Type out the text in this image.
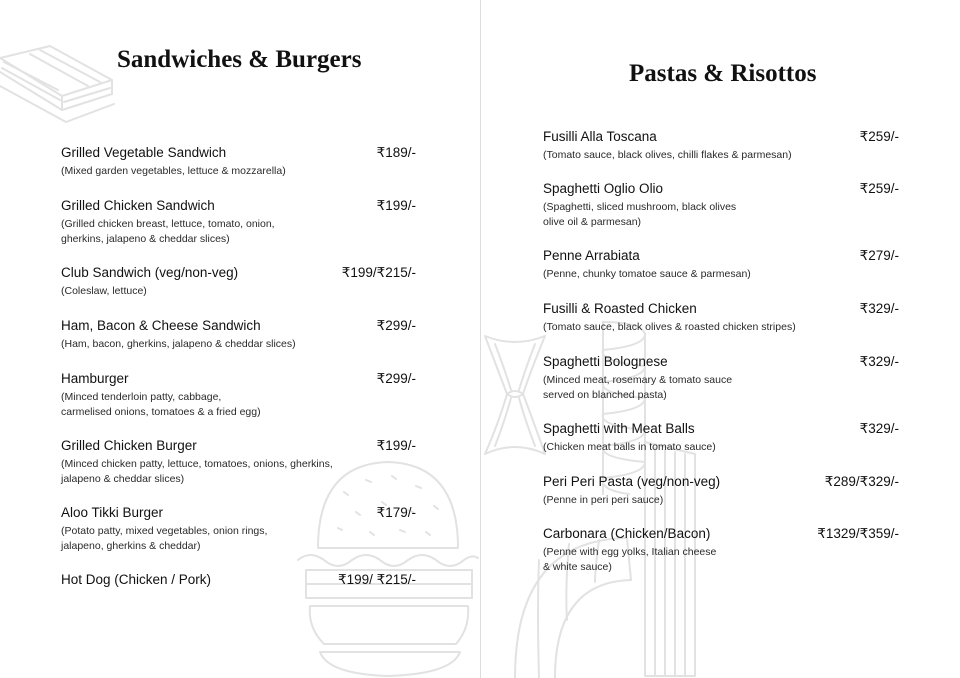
Sandwiches & Burgers
Grilled Vegetable Sandwich	₹189/-
(Mixed garden vegetables, lettuce & mozzarella)
Grilled Chicken Sandwich	₹199/-
(Grilled chicken breast, lettuce, tomato, onion,
gherkins, jalapeno & cheddar slices)
Club Sandwich (veg/non-veg)	₹199/₹215/-
(Coleslaw, lettuce)
Ham, Bacon & Cheese Sandwich	₹299/-
(Ham, bacon, gherkins, jalapeno & cheddar slices)
Hamburger	₹299/-
(Minced tenderloin patty, cabbage,
carmelised onions, tomatoes & a fried egg)
Grilled Chicken Burger	₹199/-
(Minced chicken patty, lettuce, tomatoes, onions, gherkins,
jalapeno & cheddar slices)
Aloo Tikki Burger	₹179/-
(Potato patty, mixed vegetables, onion rings,
jalapeno, gherkins & cheddar)
Hot Dog (Chicken / Pork)	₹199/ ₹215/-
Pastas & Risottos
Fusilli Alla Toscana	₹259/-
(Tomato sauce, black olives, chilli flakes & parmesan)
Spaghetti Oglio Olio	₹259/-
(Spaghetti, sliced mushroom, black olives
olive oil & parmesan)
Penne Arrabiata	₹279/-
(Penne, chunky tomatoe sauce & parmesan)
Fusilli & Roasted Chicken	₹329/-
(Tomato sauce, black olives & roasted chicken stripes)
Spaghetti Bolognese	₹329/-
(Minced meat, rosemary & tomato sauce
served on blanched pasta)
Spaghetti with Meat Balls	₹329/-
(Chicken meat balls in tomato sauce)
Peri Peri Pasta (veg/non-veg)	₹289/₹329/-
(Penne in peri peri sauce)
Carbonara (Chicken/Bacon)	₹1329/₹359/-
(Penne with egg yolks, Italian cheese
& white sauce)
